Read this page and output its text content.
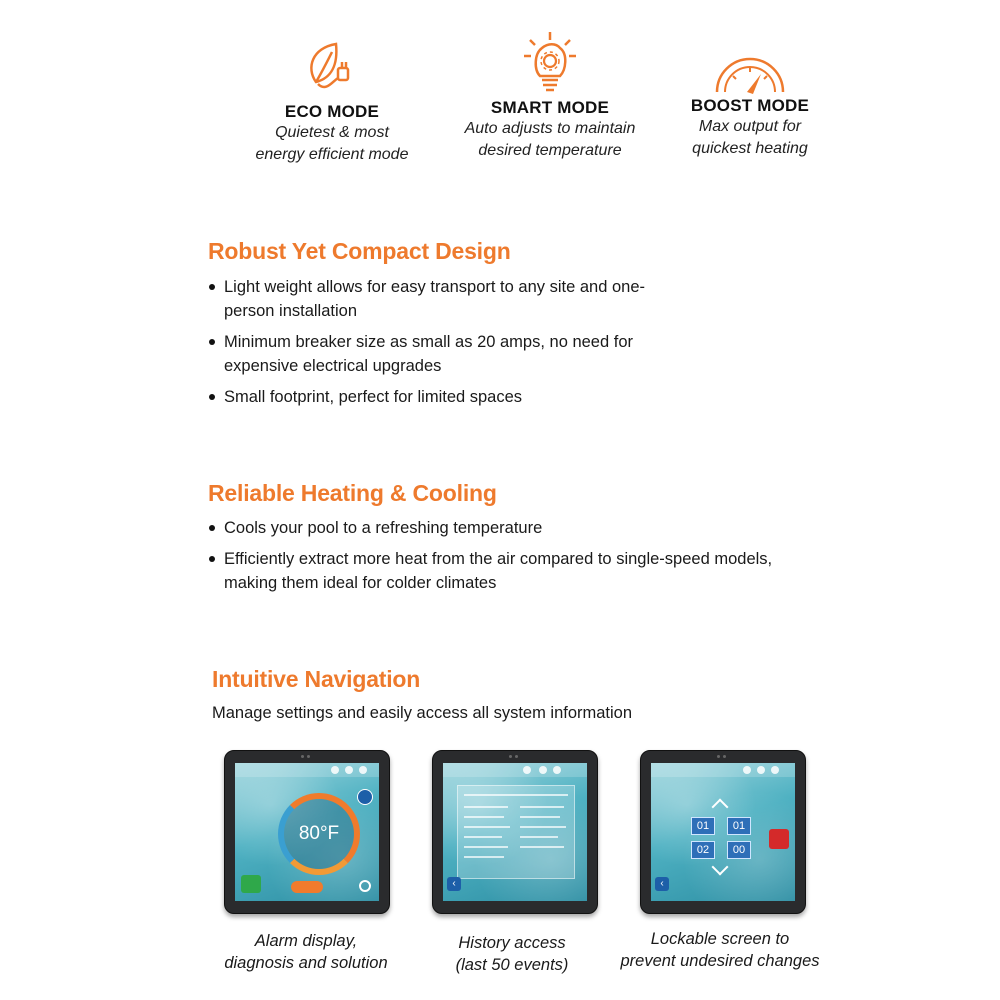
ECO MODE
Quietest & most
energy efficient mode
SMART MODE
Auto adjusts to maintain
desired temperature
BOOST MODE
Max output for
quickest heating
Robust Yet Compact Design
Light weight allows for easy transport to any site and one-person installation
Minimum breaker size as small as 20 amps, no need for expensive electrical upgrades
Small footprint, perfect for limited spaces
Reliable Heating & Cooling
Cools your pool to a refreshing temperature
Efficiently extract more heat from the air compared to single-speed models, making them ideal for colder climates
Intuitive Navigation
Manage settings and easily access all system information
80°F
Alarm display,
diagnosis and solution
‹
History access
(last 50 events)
01	01
02	00
‹
Lockable screen to
prevent undesired changes
